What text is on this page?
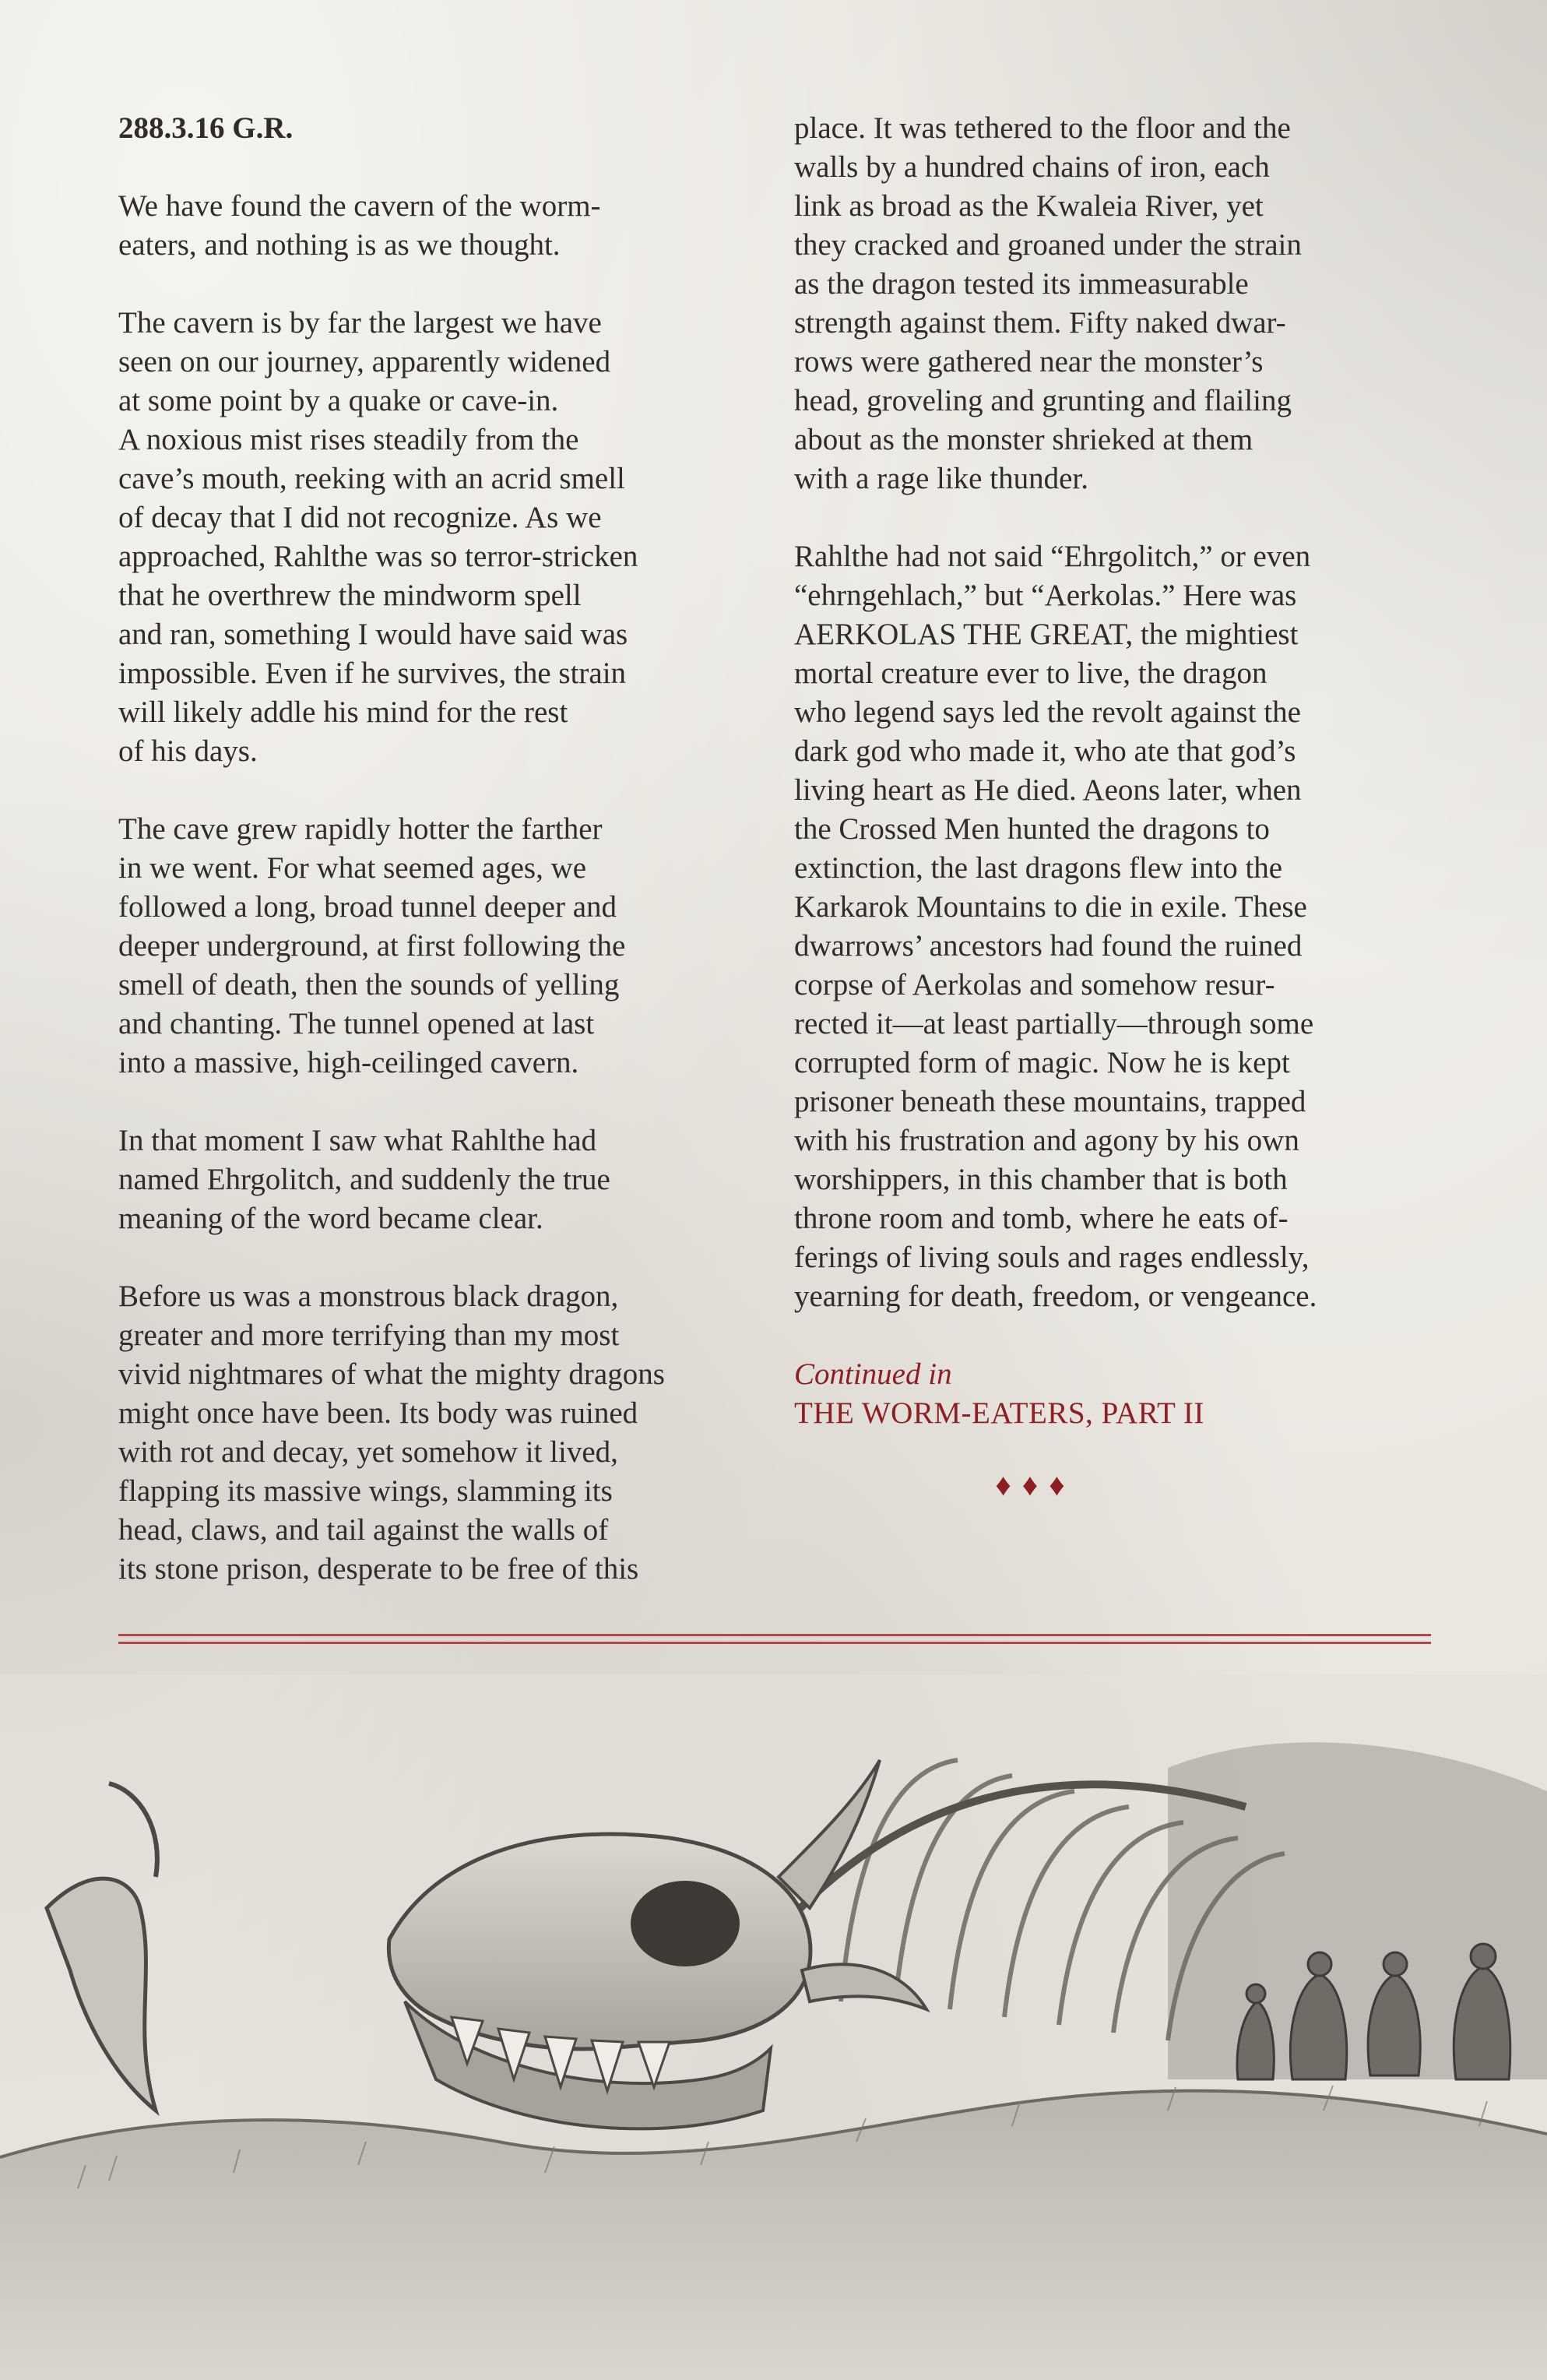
288.3.16 G.R.

We have found the cavern of the worm-
eaters, and nothing is as we thought.

The cavern is by far the largest we have
seen on our journey, apparently widened
at some point by a quake or cave-in.
A noxious mist rises steadily from the
cave’s mouth, reeking with an acrid smell
of decay that I did not recognize. As we
approached, Rahlthe was so terror-stricken
that he overthrew the mindworm spell
and ran, something I would have said was
impossible. Even if he survives, the strain
will likely addle his mind for the rest
of his days.

The cave grew rapidly hotter the farther
in we went. For what seemed ages, we
followed a long, broad tunnel deeper and
deeper underground, at first following the
smell of death, then the sounds of yelling
and chanting. The tunnel opened at last
into a massive, high-ceilinged cavern.

In that moment I saw what Rahlthe had
named Ehrgolitch, and suddenly the true
meaning of the word became clear.

Before us was a monstrous black dragon,
greater and more terrifying than my most
vivid nightmares of what the mighty dragons
might once have been. Its body was ruined
with rot and decay, yet somehow it lived,
flapping its massive wings, slamming its
head, claws, and tail against the walls of
its stone prison, desperate to be free of this

place. It was tethered to the floor and the
walls by a hundred chains of iron, each
link as broad as the Kwaleia River, yet
they cracked and groaned under the strain
as the dragon tested its immeasurable
strength against them. Fifty naked dwar-
rows were gathered near the monster’s
head, groveling and grunting and flailing
about as the monster shrieked at them
with a rage like thunder.

Rahlthe had not said “Ehrgolitch,” or even
“ehrngehlach,” but “Aerkolas.” Here was
AERKOLAS THE GREAT, the mightiest
mortal creature ever to live, the dragon
who legend says led the revolt against the
dark god who made it, who ate that god’s
living heart as He died. Aeons later, when
the Crossed Men hunted the dragons to
extinction, the last dragons flew into the
Karkarok Mountains to die in exile. These
dwarrows’ ancestors had found the ruined
corpse of Aerkolas and somehow resur-
rected it—at least partially—through some
corrupted form of magic. Now he is kept
prisoner beneath these mountains, trapped
with his frustration and agony by his own
worshippers, in this chamber that is both
throne room and tomb, where he eats of-
ferings of living souls and rages endlessly,
yearning for death, freedom, or vengeance.

Continued in

THE WORM-EATERS, PART II

♦♦♦
